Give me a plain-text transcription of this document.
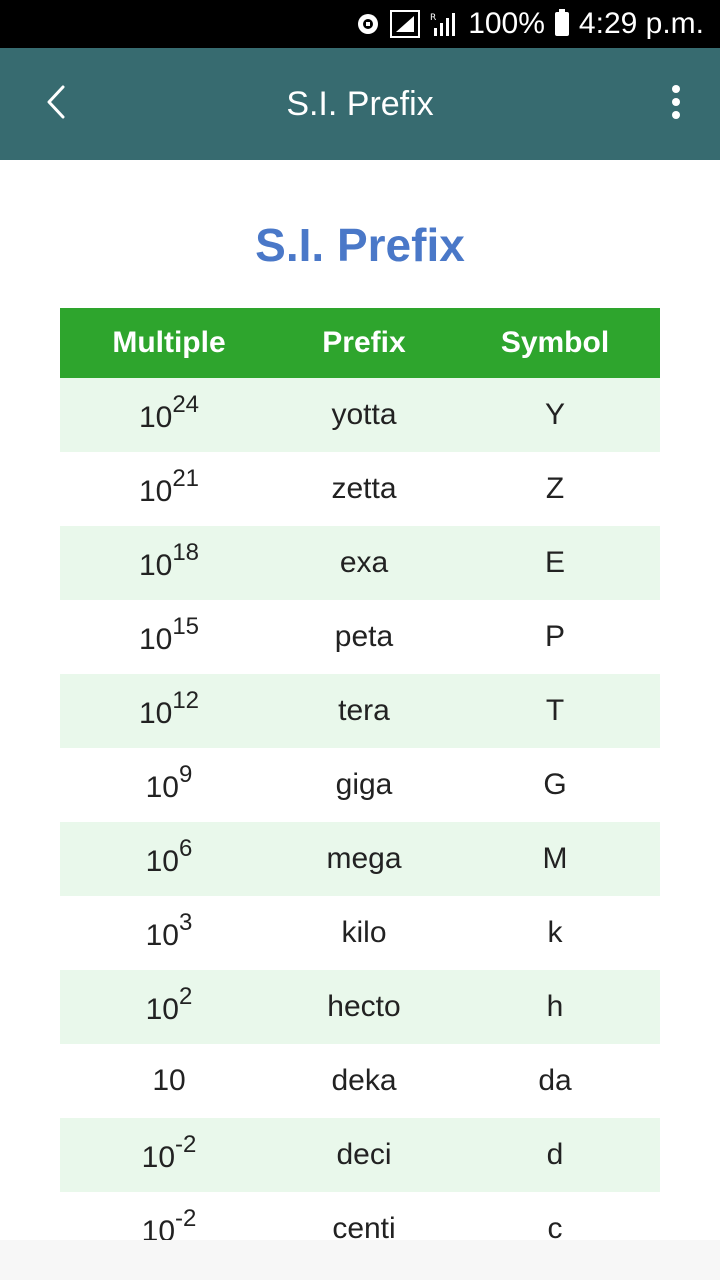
R 100% 4:29 p.m.
S.I. Prefix
S.I. Prefix
Multiple	Prefix	Symbol
$10^{24}$	yotta	Y
$10^{21}$	zetta	Z
$10^{18}$	exa	E
$10^{15}$	peta	P
$10^{12}$	tera	T
$10^9$	giga	G
$10^6$	mega	M
$10^3$	kilo	k
$10^2$	hecto	h
10	deka	da
$10^{-2}$	deci	d
$10^{-2}$	centi	c
